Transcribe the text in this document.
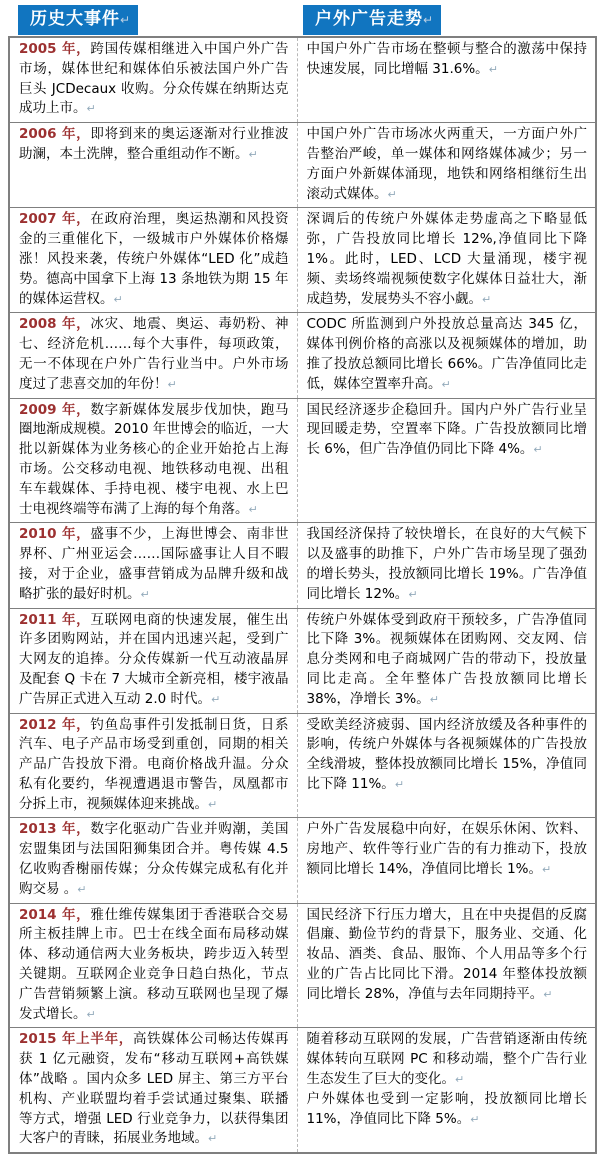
历史大事件↵	户外广告走势↵
2005 年，跨国传媒相继进入中国户外广告市场，媒体世纪和媒体伯乐被法国户外广告巨头 JCDecaux 收购。分众传媒在纳斯达克成功上市。↵	中国户外广告市场在整顿与整合的激荡中保持快速发展，同比增幅 31.6%。↵
2006 年，即将到来的奥运逐渐对行业推波助澜，本土洗牌，整合重组动作不断。↵	中国户外广告市场冰火两重天，一方面户外广告整治严峻，单一媒体和网络媒体减少；另一方面户外新媒体涌现，地铁和网络相继衍生出滚动式媒体。↵
2007 年，在政府治理，奥运热潮和风投资金的三重催化下，一级城市户外媒体价格爆涨！风投来袭，传统户外媒体“LED 化”成趋势。德高中国拿下上海 13 条地铁为期 15 年的媒体运营权。↵	深调后的传统户外媒体走势虚高之下略显低弥，广告投放同比增长 12%,净值同比下降 1%。此时，LED、LCD 大量涌现，楼宇视频、卖场终端视频使数字化媒体日益壮大，渐成趋势，发展势头不容小觑。↵
2008 年，冰灾、地震、奥运、毒奶粉、神七、经济危机……每个大事件，每项政策，无一不体现在户外广告行业当中。户外市场度过了悲喜交加的年份！↵	CODC 所监测到户外投放总量高达 345 亿，媒体刊例价格的高涨以及视频媒体的增加，助推了投放总额同比增长 66%。广告净值同比走低，媒体空置率升高。↵
2009 年，数字新媒体发展步伐加快，跑马圈地渐成规模。2010 年世博会的临近，一大批以新媒体为业务核心的企业开始抢占上海市场。公交移动电视、地铁移动电视、出租车车载媒体、手持电视、楼宇电视、水上巴士电视终端等布满了上海的每个角落。↵	国民经济逐步企稳回升。国内户外广告行业呈现回暖走势，空置率下降。广告投放额同比增长 6%，但广告净值仍同比下降 4%。↵
2010 年，盛事不少，上海世博会、南非世界杯、广州亚运会……国际盛事让人目不暇接，对于企业，盛事营销成为品牌升级和战略扩张的最好时机。↵	我国经济保持了较快增长，在良好的大气候下以及盛事的助推下，户外广告市场呈现了强劲的增长势头，投放额同比增长 19%。广告净值同比增长 12%。↵
2011 年，互联网电商的快速发展，催生出许多团购网站，并在国内迅速兴起，受到广大网友的追捧。分众传媒新一代互动液晶屏及配套 Q 卡在 7 大城市全新亮相，楼宇液晶广告屏正式进入互动 2.0 时代。↵	传统户外媒体受到政府干预较多，广告净值同比下降 3%。视频媒体在团购网、交友网、信息分类网和电子商城网广告的带动下，投放量同比走高。全年整体广告投放额同比增长 38%，净增长 3%。↵
2012 年，钓鱼岛事件引发抵制日货，日系汽车、电子产品市场受到重创，同期的相关产品广告投放下滑。电商价格战升温。分众私有化要约，华视遭遇退市警告，凤凰都市分拆上市，视频媒体迎来挑战。↵	受欧美经济疲弱、国内经济放缓及各种事件的影响，传统户外媒体与各视频媒体的广告投放全线滑坡，整体投放额同比增长 15%，净值同比下降 11%。↵
2013 年，数字化驱动广告业并购潮，美国宏盟集团与法国阳狮集团合并。粤传媒 4.5 亿收购香榭丽传媒；分众传媒完成私有化并购交易 。↵	户外广告发展稳中向好，在娱乐休闲、饮料、房地产、软件等行业广告的有力推动下，投放额同比增长 14%，净值同比增长 1%。↵
2014 年，雅仕维传媒集团于香港联合交易所主板挂牌上市。巴士在线全面布局移动媒体、移动通信两大业务板块，跨步迈入转型关键期。互联网企业竞争日趋白热化，节点广告营销频繁上演。移动互联网也呈现了爆发式增长。↵	国民经济下行压力增大，且在中央提倡的反腐倡廉、勤俭节约的背景下，服务业、交通、化妆品、酒类、食品、服饰、个人用品等多个行业的广告占比同比下滑。2014 年整体投放额同比增长 28%，净值与去年同期持平。↵
2015 年上半年，高铁媒体公司畅达传媒再获 1 亿元融资，发布“移动互联网+高铁媒体”战略 。国内众多 LED 屏主、第三方平台机构、产业联盟均着手尝试通过聚集、联播等方式，增强 LED 行业竞争力，以获得集团大客户的青睐，拓展业务地域。↵	随着移动互联网的发展，广告营销逐渐由传统媒体转向互联网 PC 和移动端，整个广告行业生态发生了巨大的变化。↵
户外媒体也受到一定影响，投放额同比增长 11%，净值同比下降 5%。↵
